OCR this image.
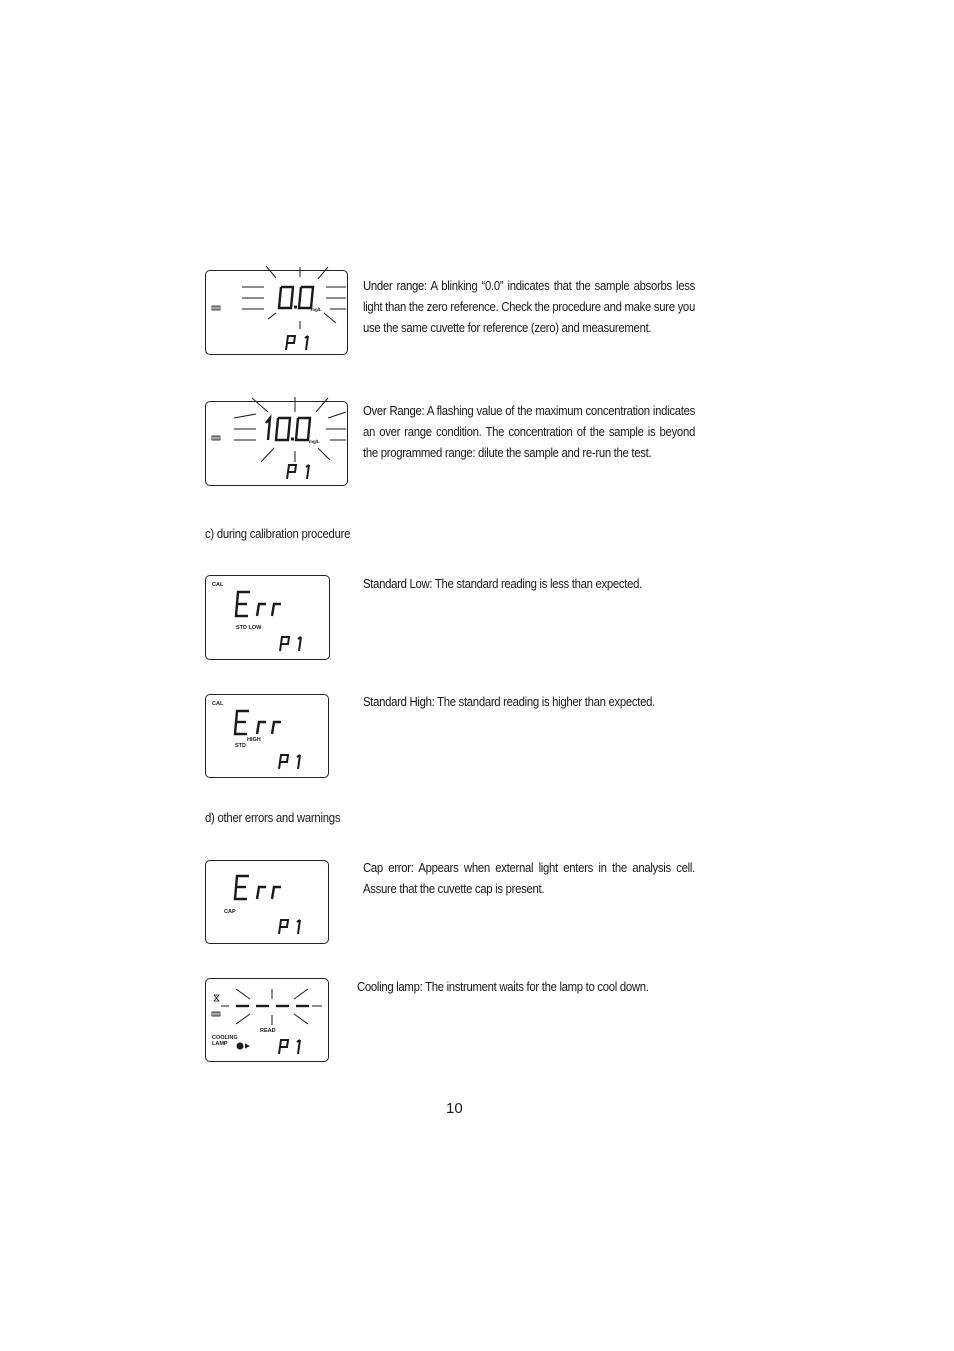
mg/L
Under range: A blinking “0.0” indicates that the sample absorbs less light than the zero reference. Check the procedure and make sure you use the same cuvette for reference (zero) and measurement.
mg/L
Over Range: A flashing value of the maximum concentration indicates an over range condition. The concentration of the sample is beyond the programmed range: dilute the sample and re-run the test.
c) during calibration procedure
CAL
STD LOW
Standard Low: The standard reading is less than expected.
CAL
HIGH
STD
Standard High: The standard reading is higher than expected.
d) other errors and warnings
CAP
Cap error: Appears when external light enters in the analysis cell. Assure that the cuvette cap is present.
READ
COOLING
LAMP
Cooling lamp: The instrument waits for the lamp to cool down.
10
